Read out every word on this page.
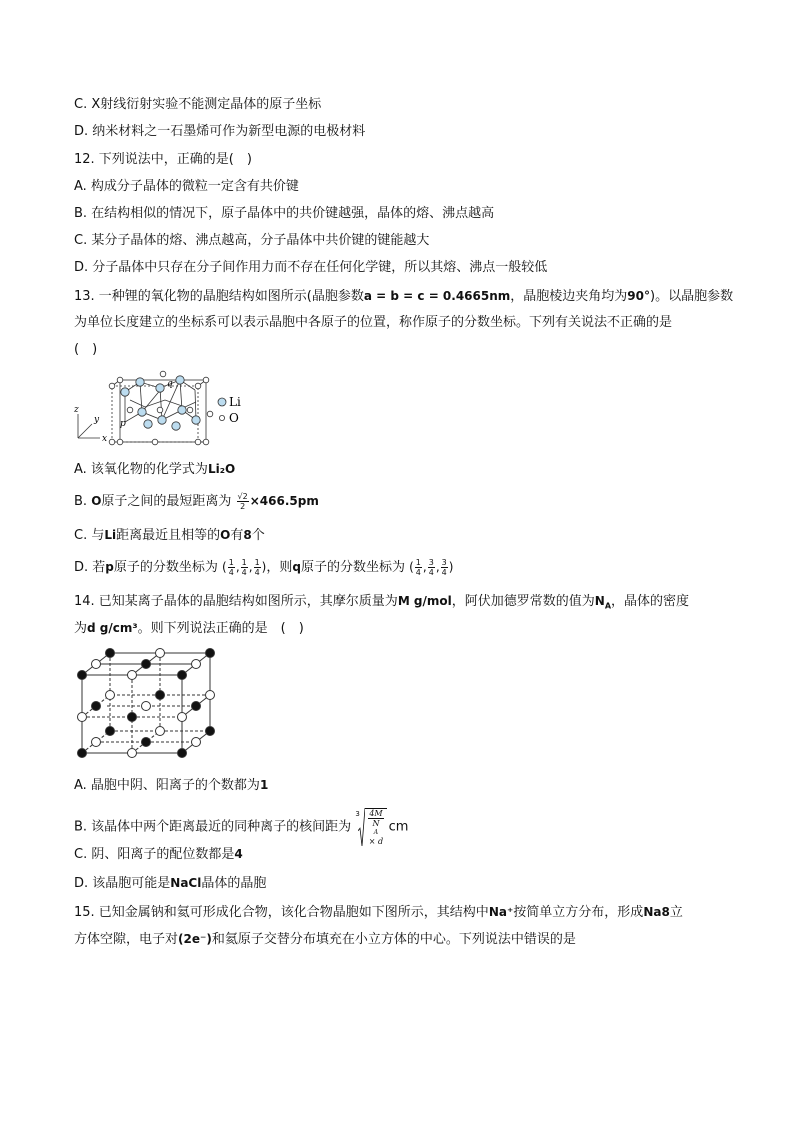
C. X射线衍射实验不能测定晶体的原子坐标
D. 纳米材料之一石墨烯可作为新型电源的电极材料
12. 下列说法中，正确的是(　)
A. 构成分子晶体的微粒一定含有共价键
B. 在结构相似的情况下，原子晶体中的共价键越强，晶体的熔、沸点越高
C. 某分子晶体的熔、沸点越高，分子晶体中共价键的键能越大
D. 分子晶体中只存在分子间作用力而不存在任何化学键，所以其熔、沸点一般较低
13. 一种锂的氧化物的晶胞结构如图所示(晶胞参数a = b = c = 0.4665nm，晶胞棱边夹角均为90°)。以晶胞参数
为单位长度建立的坐标系可以表示晶胞中各原子的位置，称作原子的分数坐标。下列有关说法不正确的是
(　)
q
p
z
y
x
Li
O
A. 该氧化物的化学式为Li₂O
B. O原子之间的最短距离为 $\frac{√2}{2} \times 466.5pm$
C. 与Li距离最近且相等的O有8个
D. 若p原子的分数坐标为 ( $\frac{1}{4}$ , $\frac{1}{4}$ , $\frac{1}{4}$ )，则q原子的分数坐标为 ( $\frac{1}{4}$ , $\frac{3}{4}$ , $\frac{3}{4}$ )
14. 已知某离子晶体的晶胞结构如图所示，其摩尔质量为M g/mol，阿伏加德罗常数的值为$N_A$，晶体的密度
为d g/cm³。则下列说法正确的是　(　)
A. 晶胞中阴、阳离子的个数都为1
B. 该晶体中两个距离最近的同种离子的核间距为
3 4M
N
A
× d cm
C. 阴、阳离子的配位数都是4
D. 该晶胞可能是NaCl晶体的晶胞
15. 已知金属钠和氦可形成化合物，该化合物晶胞如下图所示，其结构中Na⁺按简单立方分布，形成Na8立
方体空隙，电子对(2e⁻)和氦原子交替分布填充在小立方体的中心。下列说法中错误的是
